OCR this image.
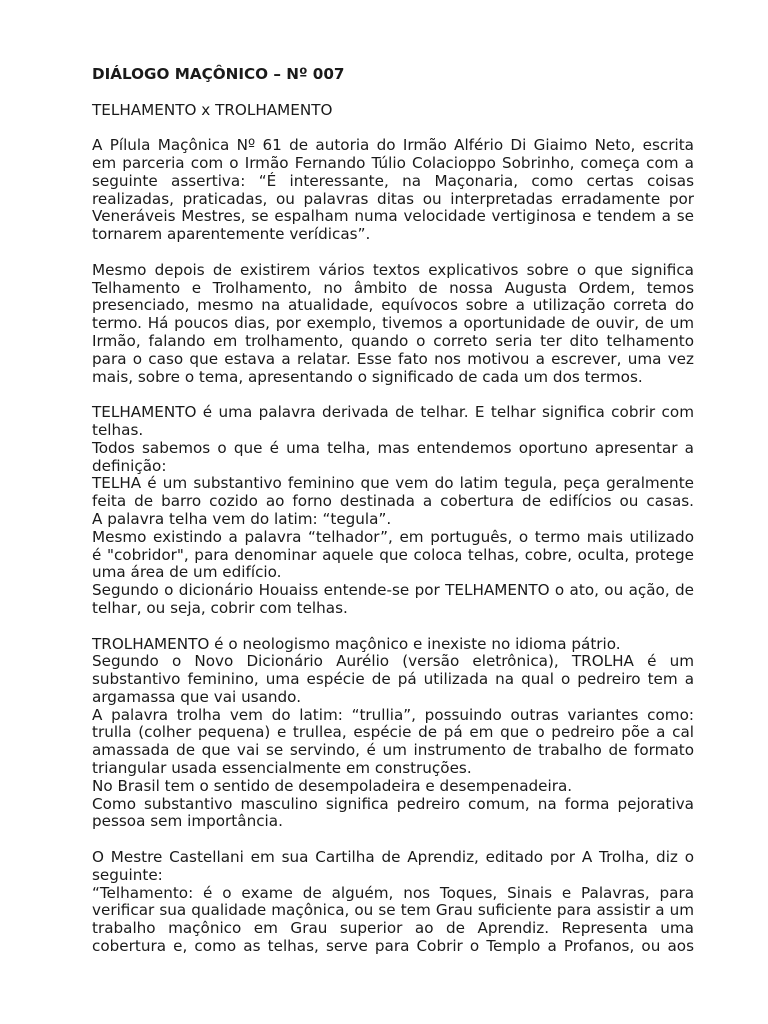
DIÁLOGO MAÇÔNICO – Nº 007
TELHAMENTO x TROLHAMENTO
A Pílula Maçônica Nº 61 de autoria do Irmão Alfério Di Giaimo Neto, escrita
em parceria com o Irmão Fernando Túlio Colacioppo Sobrinho, começa com a
seguinte assertiva: “É interessante, na Maçonaria, como certas coisas
realizadas, praticadas, ou palavras ditas ou interpretadas erradamente por
Veneráveis Mestres, se espalham numa velocidade vertiginosa e tendem a se
tornarem aparentemente verídicas”.
Mesmo depois de existirem vários textos explicativos sobre o que significa
Telhamento e Trolhamento, no âmbito de nossa Augusta Ordem, temos
presenciado, mesmo na atualidade, equívocos sobre a utilização correta do
termo. Há poucos dias, por exemplo, tivemos a oportunidade de ouvir, de um
Irmão, falando em trolhamento, quando o correto seria ter dito telhamento
para o caso que estava a relatar. Esse fato nos motivou a escrever, uma vez
mais, sobre o tema, apresentando o significado de cada um dos termos.
TELHAMENTO é uma palavra derivada de telhar. E telhar significa cobrir com
telhas.
Todos sabemos o que é uma telha, mas entendemos oportuno apresentar a
definição:
TELHA é um substantivo feminino que vem do latim tegula, peça geralmente
feita de barro cozido ao forno destinada a cobertura de edifícios ou casas.
A palavra telha vem do latim: “tegula”.
Mesmo existindo a palavra “telhador”, em português, o termo mais utilizado
é "cobridor", para denominar aquele que coloca telhas, cobre, oculta, protege
uma área de um edifício.
Segundo o dicionário Houaiss entende-se por TELHAMENTO o ato, ou ação, de
telhar, ou seja, cobrir com telhas.
TROLHAMENTO é o neologismo maçônico e inexiste no idioma pátrio.
Segundo o Novo Dicionário Aurélio (versão eletrônica), TROLHA é um
substantivo feminino, uma espécie de pá utilizada na qual o pedreiro tem a
argamassa que vai usando.
A palavra trolha vem do latim: “trullia”, possuindo outras variantes como:
trulla (colher pequena) e trullea, espécie de pá em que o pedreiro põe a cal
amassada de que vai se servindo, é um instrumento de trabalho de formato
triangular usada essencialmente em construções.
No Brasil tem o sentido de desempoladeira e desempenadeira.
Como substantivo masculino significa pedreiro comum, na forma pejorativa
pessoa sem importância.
O Mestre Castellani em sua Cartilha de Aprendiz, editado por A Trolha, diz o
seguinte:
“Telhamento: é o exame de alguém, nos Toques, Sinais e Palavras, para
verificar sua qualidade maçônica, ou se tem Grau suficiente para assistir a um
trabalho maçônico em Grau superior ao de Aprendiz. Representa uma
cobertura e, como as telhas, serve para Cobrir o Templo a Profanos, ou aos
